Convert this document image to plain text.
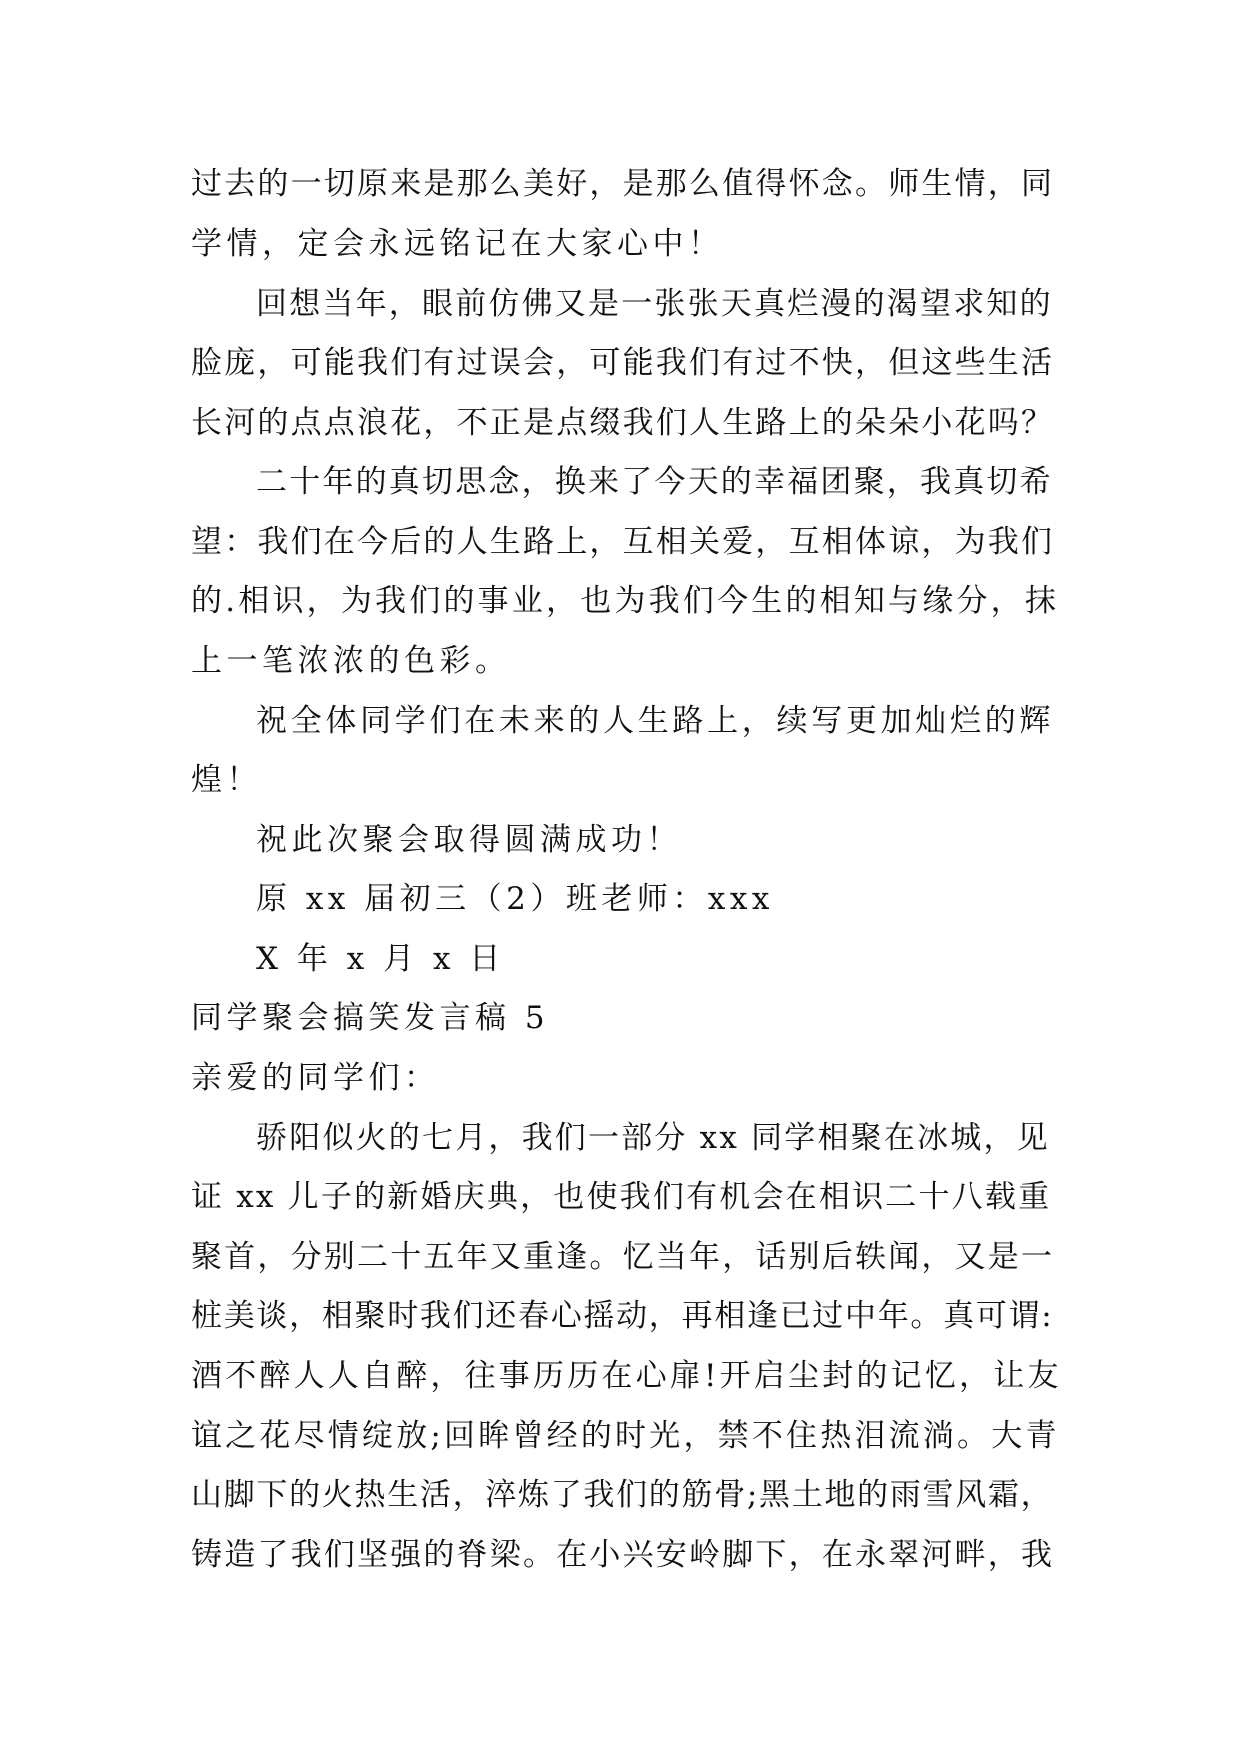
过去的一切原来是那么美好，是那么值得怀念。师生情，同
学情，定会永远铭记在大家心中！
回想当年，眼前仿佛又是一张张天真烂漫的渴望求知的
脸庞，可能我们有过误会，可能我们有过不快，但这些生活
长河的点点浪花，不正是点缀我们人生路上的朵朵小花吗？
二十年的真切思念，换来了今天的幸福团聚，我真切希
望：我们在今后的人生路上，互相关爱，互相体谅，为我们
的.相识，为我们的事业，也为我们今生的相知与缘分，抹
上一笔浓浓的色彩。
祝全体同学们在未来的人生路上，续写更加灿烂的辉
煌！
祝此次聚会取得圆满成功！
原 xx 届初三（2）班老师：xxx
X 年 x 月 x 日
同学聚会搞笑发言稿 5
亲爱的同学们：
骄阳似火的七月，我们一部分 xx 同学相聚在冰城，见
证 xx 儿子的新婚庆典，也使我们有机会在相识二十八载重
聚首，分别二十五年又重逢。忆当年，话别后轶闻，又是一
桩美谈，相聚时我们还春心摇动，再相逢已过中年。真可谓:
酒不醉人人自醉，往事历历在心扉!开启尘封的记忆，让友
谊之花尽情绽放;回眸曾经的时光，禁不住热泪流淌。大青
山脚下的火热生活，淬炼了我们的筋骨;黑土地的雨雪风霜，
铸造了我们坚强的脊梁。在小兴安岭脚下，在永翠河畔，我
